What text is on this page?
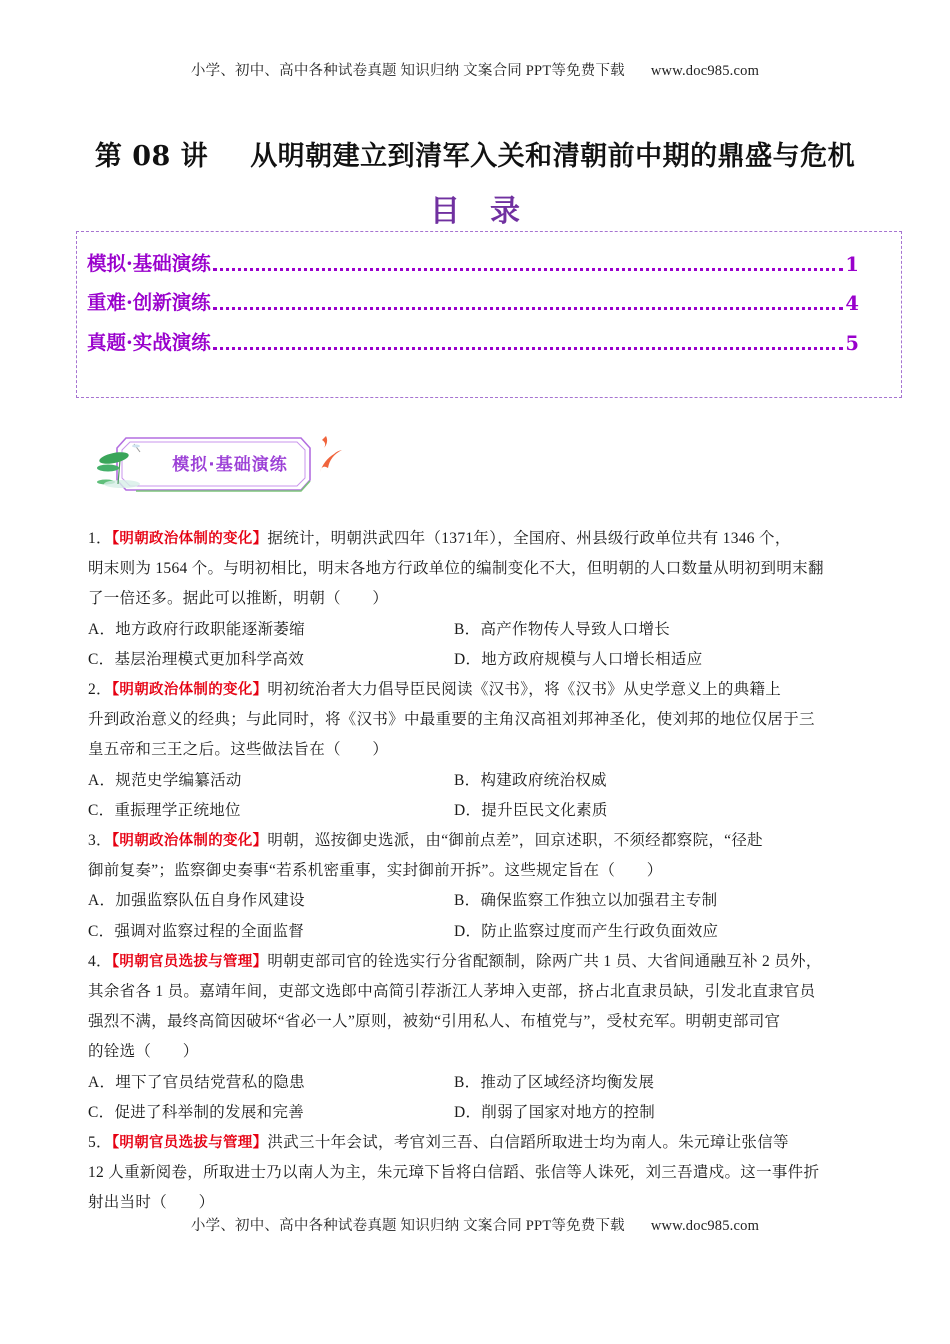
小学、初中、高中各种试卷真题 知识归纳 文案合同 PPT等免费下载 www.doc985.com
第 08 讲 从明朝建立到清军入关和清朝前中期的鼎盛与危机
目录
模拟·基础演练	1
重难·创新演练	4
真题·实战演练	5
模拟·基础演练
1．【明朝政治体制的变化】据统计，明朝洪武四年（1371年），全国府、州县级行政单位共有 1346 个，
明末则为 1564 个。与明初相比，明末各地方行政单位的编制变化不大，但明朝的人口数量从明初到明末翻
了一倍还多。据此可以推断，明朝（　　）
A．地方政府行政职能逐渐萎缩	B．高产作物传人导致人口增长
C．基层治理模式更加科学高效	D．地方政府规模与人口增长相适应
2．【明朝政治体制的变化】明初统治者大力倡导臣民阅读《汉书》，将《汉书》从史学意义上的典籍上
升到政治意义的经典；与此同时，将《汉书》中最重要的主角汉高祖刘邦神圣化，使刘邦的地位仅居于三
皇五帝和三王之后。这些做法旨在（　　）
A．规范史学编纂活动	B．构建政府统治权威
C．重振理学正统地位	D．提升臣民文化素质
3．【明朝政治体制的变化】明朝，巡按御史选派，由“御前点差”，回京述职，不须经都察院，“径赴
御前复奏”；监察御史奏事“若系机密重事，实封御前开拆”。这些规定旨在（　　）
A．加强监察队伍自身作风建设	B．确保监察工作独立以加强君主专制
C．强调对监察过程的全面监督	D．防止监察过度而产生行政负面效应
4．【明朝官员选拔与管理】明朝吏部司官的铨选实行分省配额制，除两广共 1 员、大省间通融互补 2 员外，
其余省各 1 员。嘉靖年间，吏部文选郎中高简引荐浙江人茅坤入吏部，挤占北直隶员缺，引发北直隶官员
强烈不满，最终高简因破坏“省必一人”原则，被劾“引用私人、布植党与”，受杖充军。明朝吏部司官
的铨选（　　）
A．埋下了官员结党营私的隐患	B．推动了区域经济均衡发展
C．促进了科举制的发展和完善	D．削弱了国家对地方的控制
5．【明朝官员选拔与管理】洪武三十年会试，考官刘三吾、白信蹈所取进士均为南人。朱元璋让张信等
12 人重新阅卷，所取进士乃以南人为主，朱元璋下旨将白信蹈、张信等人诛死，刘三吾遣戍。这一事件折
射出当时（　　）
小学、初中、高中各种试卷真题 知识归纳 文案合同 PPT等免费下载 www.doc985.com
